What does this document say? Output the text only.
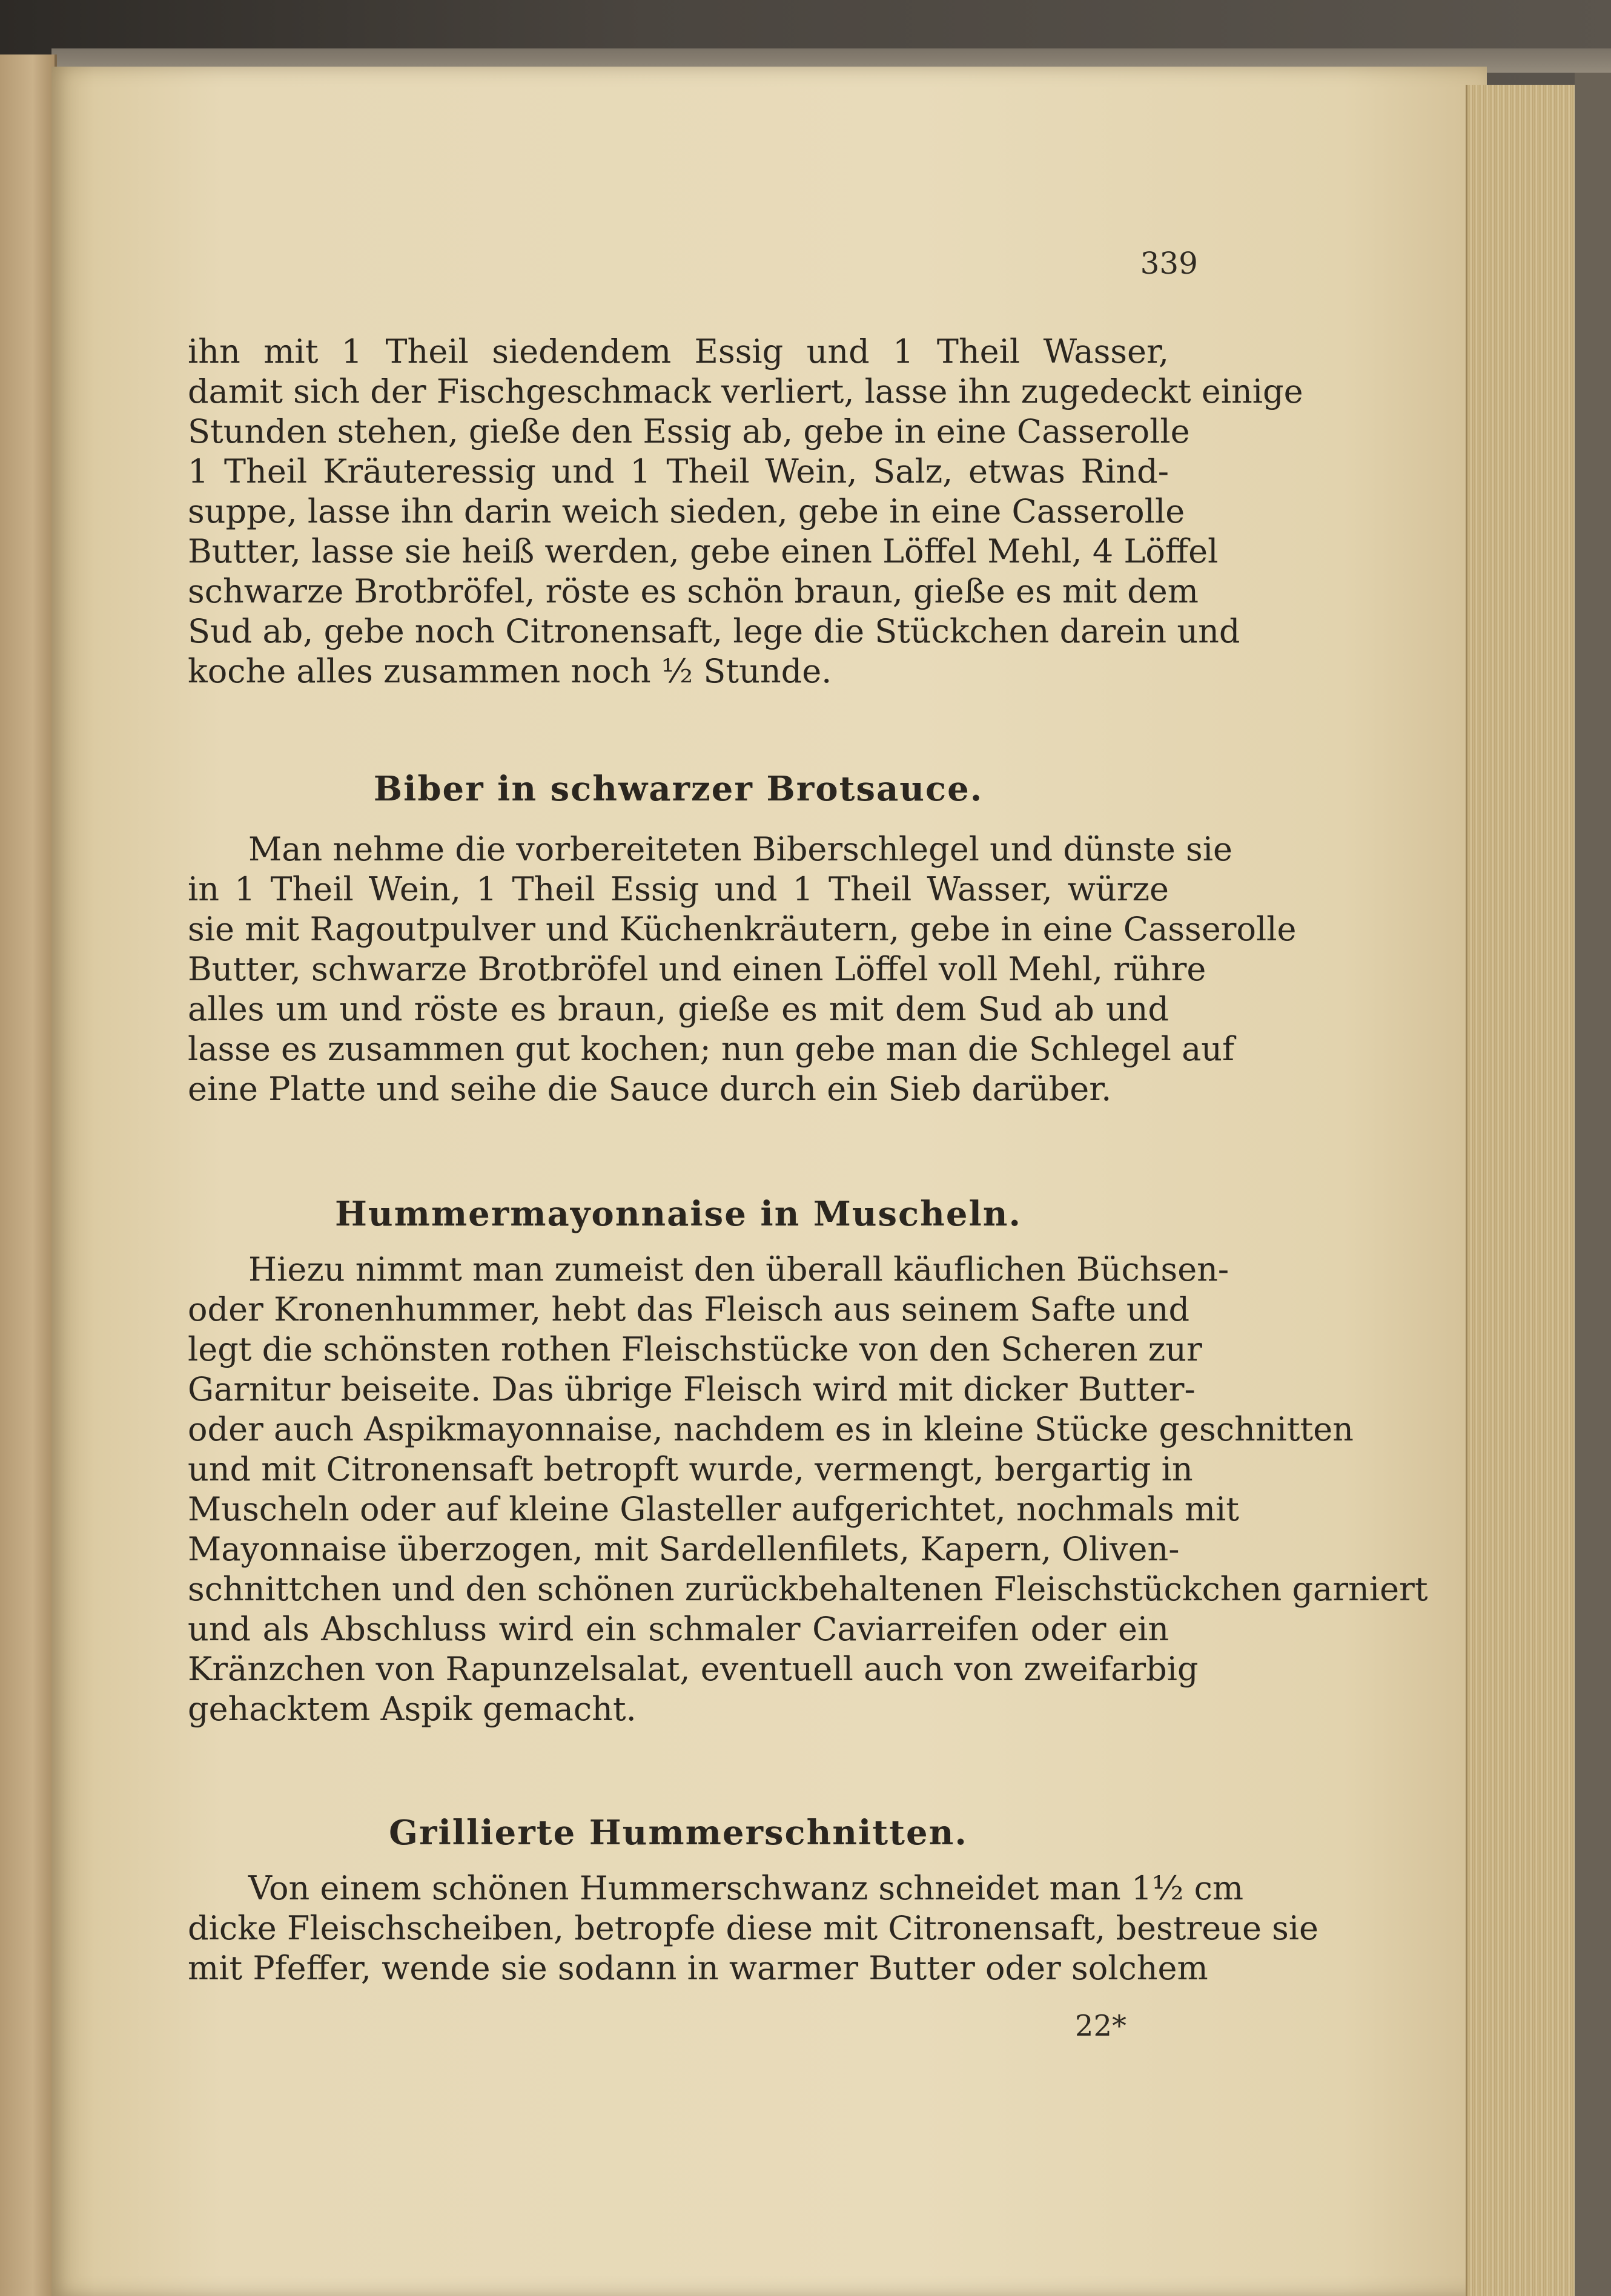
339
ihn mit 1 Theil siedendem Essig und 1 Theil Wasser,
damit sich der Fischgeschmack verliert, lasse ihn zugedeckt einige
Stunden stehen, gieße den Essig ab, gebe in eine Casserolle
1 Theil Kräuteressig und 1 Theil Wein, Salz, etwas Rind-
suppe, lasse ihn darin weich sieden, gebe in eine Casserolle
Butter, lasse sie heiß werden, gebe einen Löffel Mehl, 4 Löffel
schwarze Brotbröfel, röste es schön braun, gieße es mit dem
Sud ab, gebe noch Citronensaft, lege die Stückchen darein und
koche alles zusammen noch ½ Stunde.
Biber in schwarzer Brotsauce.
Man nehme die vorbereiteten Biberschlegel und dünste sie
in 1 Theil Wein, 1 Theil Essig und 1 Theil Wasser, würze
sie mit Ragoutpulver und Küchenkräutern, gebe in eine Casserolle
Butter, schwarze Brotbröfel und einen Löffel voll Mehl, rühre
alles um und röste es braun, gieße es mit dem Sud ab und
lasse es zusammen gut kochen; nun gebe man die Schlegel auf
eine Platte und seihe die Sauce durch ein Sieb darüber.
Hummermayonnaise in Muscheln.
Hiezu nimmt man zumeist den überall käuflichen Büchsen-
oder Kronenhummer, hebt das Fleisch aus seinem Safte und
legt die schönsten rothen Fleischstücke von den Scheren zur
Garnitur beiseite. Das übrige Fleisch wird mit dicker Butter-
oder auch Aspikmayonnaise, nachdem es in kleine Stücke geschnitten
und mit Citronensaft betropft wurde, vermengt, bergartig in
Muscheln oder auf kleine Glasteller aufgerichtet, nochmals mit
Mayonnaise überzogen, mit Sardellenfilets, Kapern, Oliven-
schnittchen und den schönen zurückbehaltenen Fleischstückchen garniert
und als Abschluss wird ein schmaler Caviarreifen oder ein
Kränzchen von Rapunzelsalat, eventuell auch von zweifarbig
gehacktem Aspik gemacht.
Grillierte Hummerschnitten.
Von einem schönen Hummerschwanz schneidet man 1½ cm
dicke Fleischscheiben, betropfe diese mit Citronensaft, bestreue sie
mit Pfeffer, wende sie sodann in warmer Butter oder solchem
22*
